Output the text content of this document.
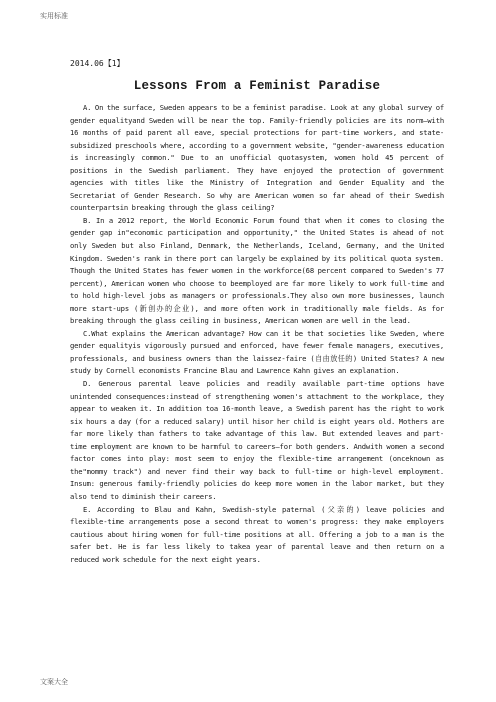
实用标准
2014.06【1】
Lessons From a Feminist Paradise

A. On the surface, Sweden appears to be a feminist paradise. Look at any global survey of gender equalityand Sweden will be near the top. Family-friendly policies are its norm—with 16 months of paid parent all eave, special protections for part-time workers, and state-subsidized preschools where, according to a government website, "gender-awareness education is increasingly common." Due to an unofficial quotasystem, women hold 45 percent of positions in the Swedish parliament. They have enjoyed the protection of government agencies with titles like the Ministry of Integration and Gender Equality and the Secretariat of Gender Research. So why are American women so far ahead of their Swedish counterpartsin breaking through the glass ceiling?

B. In a 2012 report, the World Economic Forum found that when it comes to closing the gender gap in"economic participation and opportunity," the United States is ahead of not only Sweden but also Finland, Denmark, the Netherlands, Iceland, Germany, and the United Kingdom. Sweden's rank in there port can largely be explained by its political quota system. Though the United States has fewer women in the workforce(68 percent compared to Sweden's 77 percent), American women who choose to beemployed are far more likely to work full-time and to hold high-level jobs as managers or professionals.They also own more businesses, launch more start-ups (新创办的企业), and more often work in traditionally male fields. As for breaking through the glass ceiling in business, American women are well in the lead.

C.What explains the American advantage? How can it be that societies like Sweden, where gender equalityis vigorously pursued and enforced, have fewer female managers, executives, professionals, and business owners than the laissez-faire (自由放任的) United States? A new study by Cornell economists Francine Blau and Lawrence Kahn gives an explanation.

D. Generous parental leave policies and readily available part-time options have unintended consequences:instead of strengthening women's attachment to the workplace, they appear to weaken it. In addition toa 16-month leave, a Swedish parent has the right to work six hours a day (for a reduced salary) until hisor her child is eight years old. Mothers are far more likely than fathers to take advantage of this law. But extended leaves and part-time employment are known to be harmful to careers—for both genders. Andwith women a second factor comes into play: most seem to enjoy the flexible-time arrangement (onceknown as the"mommy track") and never find their way back to full-time or high-level employment. Insum: generous family-friendly policies do keep more women in the labor market, but they also tend to diminish their careers.

E. According to Blau and Kahn, Swedish-style paternal (父亲的) leave policies and flexible-time arrangements pose a second threat to women's progress: they make employers cautious about hiring women for full-time positions at all. Offering a job to a man is the safer bet. He is far less likely to takea year of parental leave and then return on a reduced work schedule for the next eight years.

文案大全
